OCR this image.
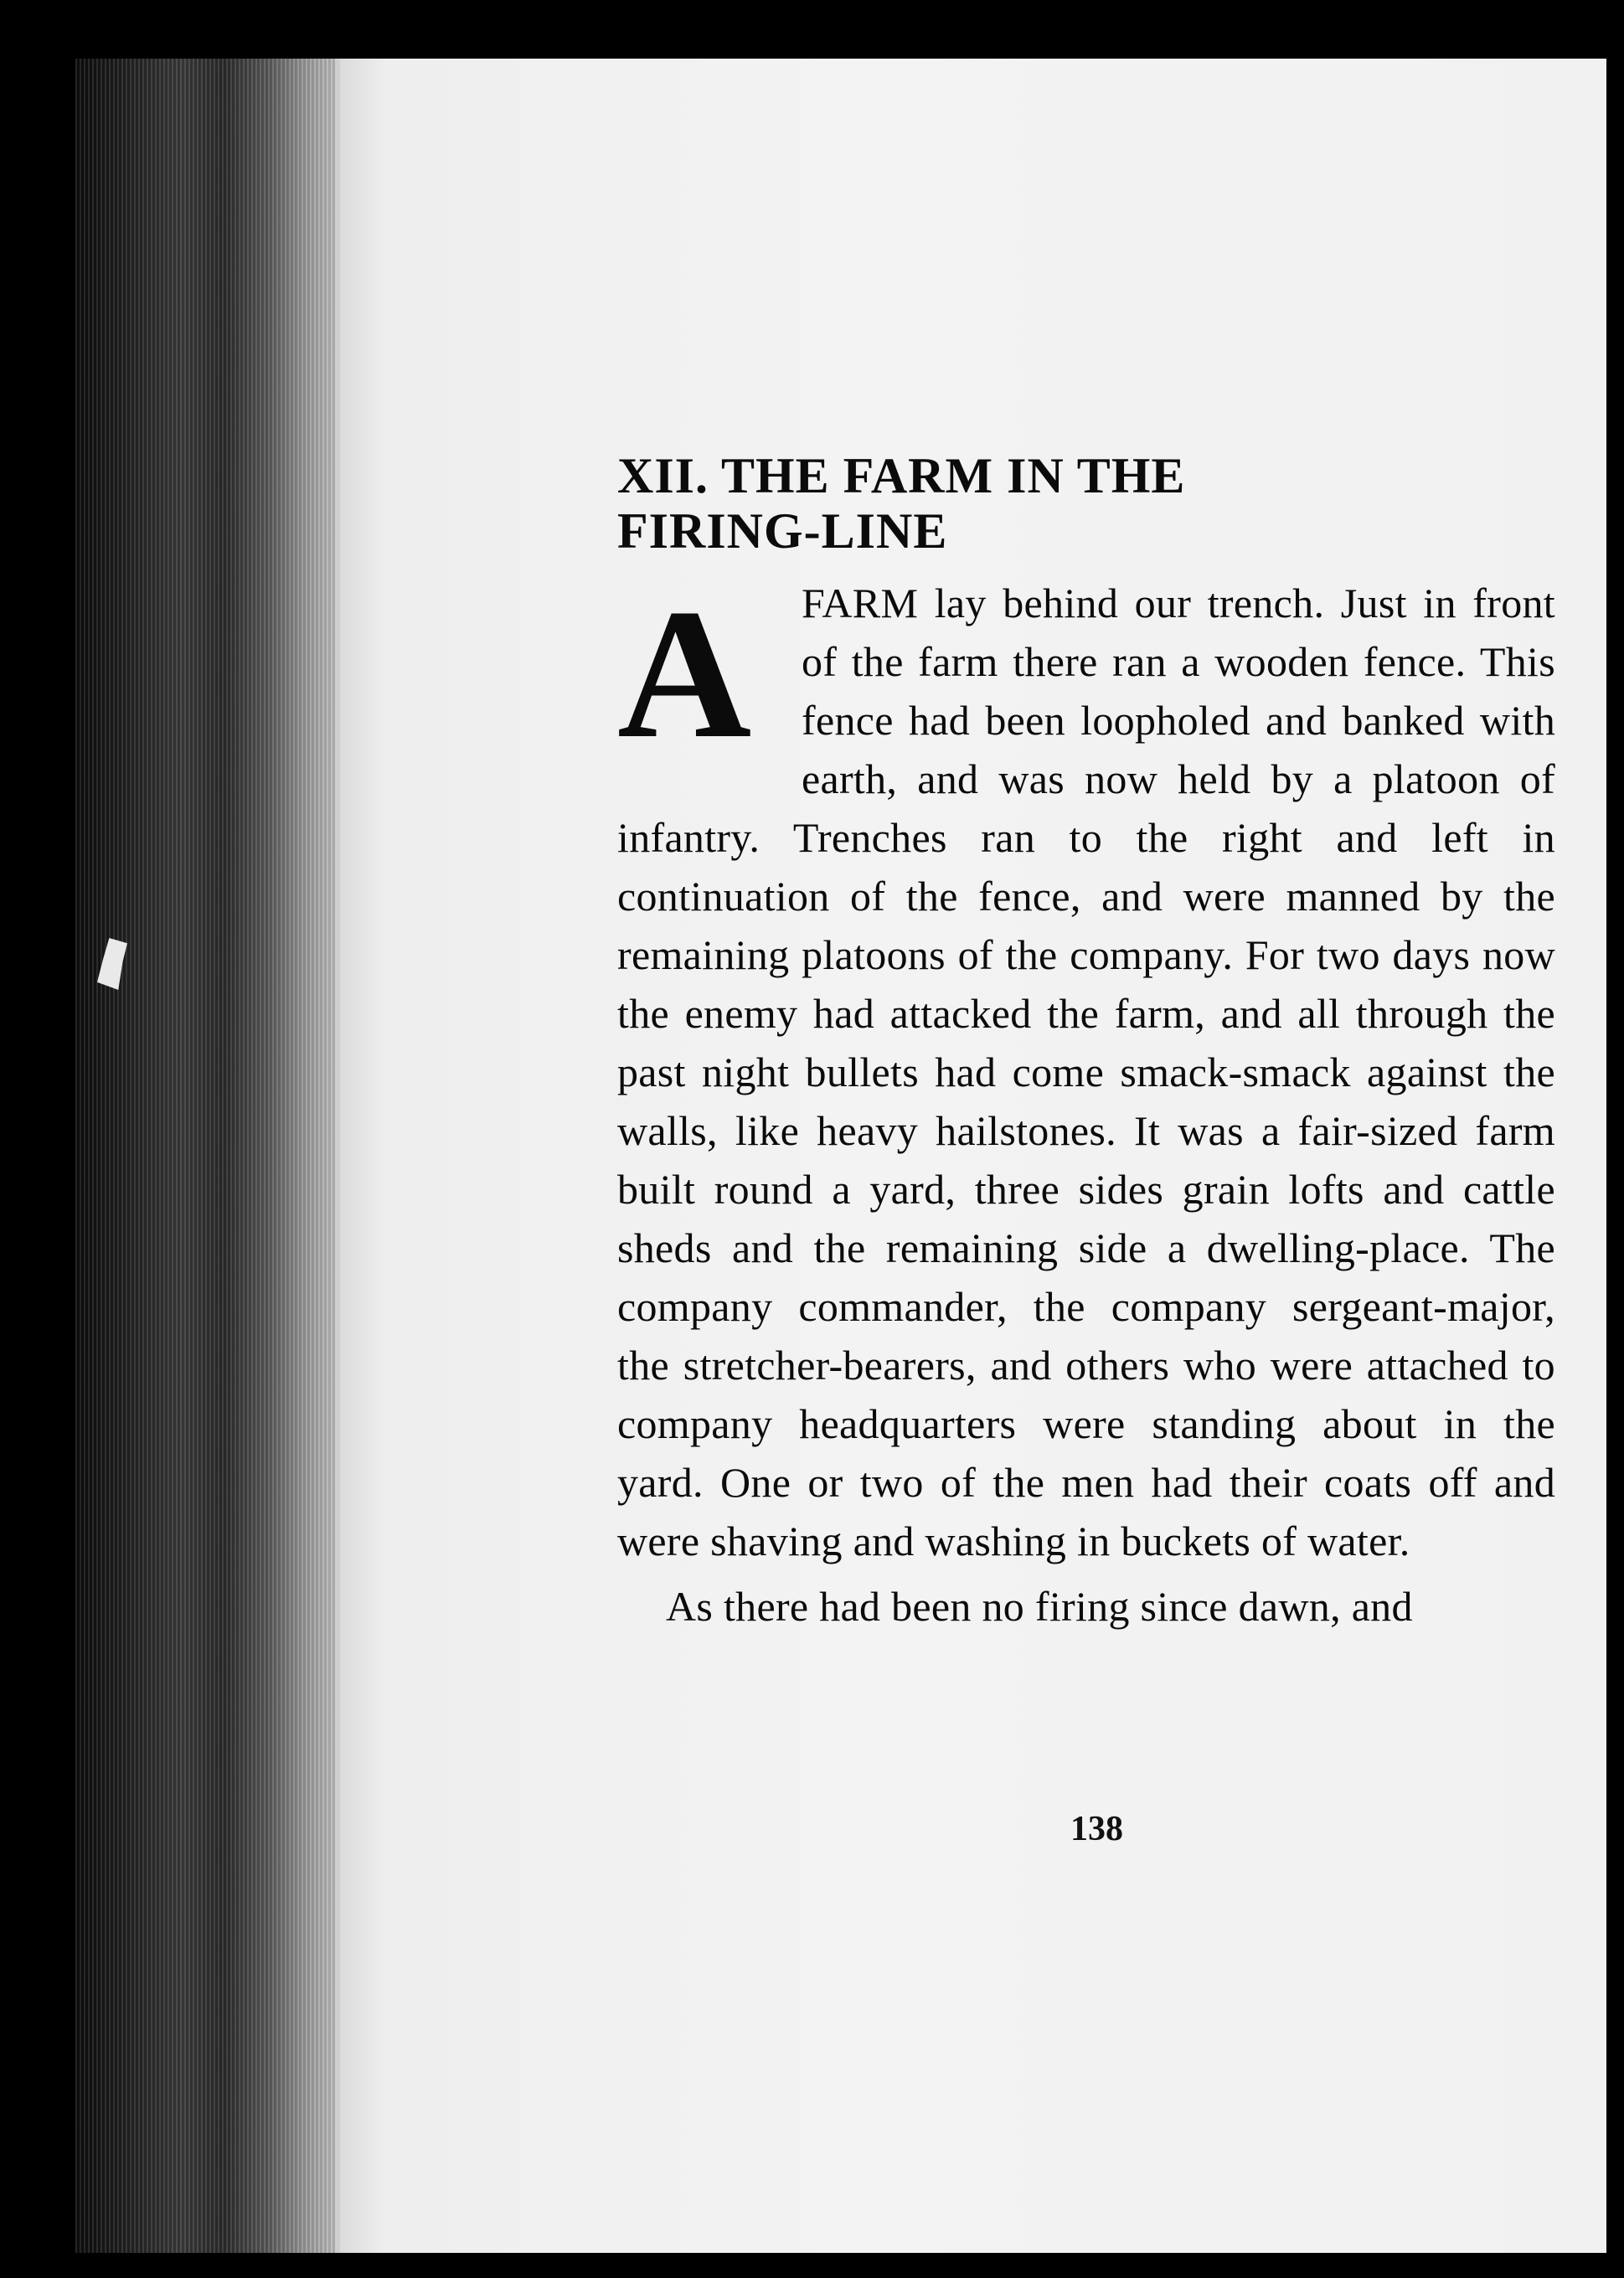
XII. THE FARM IN THE
FIRING-LINE

A	FARM lay behind our trench. Just in front of the farm there ran a wooden fence. This fence had been loopholed and banked with earth, and was now held by a platoon of infantry. Trenches ran to the right and left in continuation of the fence, and were manned by the remaining platoons of the company. For two days now the enemy had attacked the farm, and all through the past night bullets had come smack-smack against the walls, like heavy hailstones. It was a fair-sized farm built round a yard, three sides grain lofts and cattle sheds and the remaining side a dwelling-place. The company commander, the company sergeant-major, the stretcher-bearers, and others who were attached to company headquarters were standing about in the yard. One or two of the men had their coats off and were shaving and washing in buckets of water.

As there had been no firing since dawn, and

138
